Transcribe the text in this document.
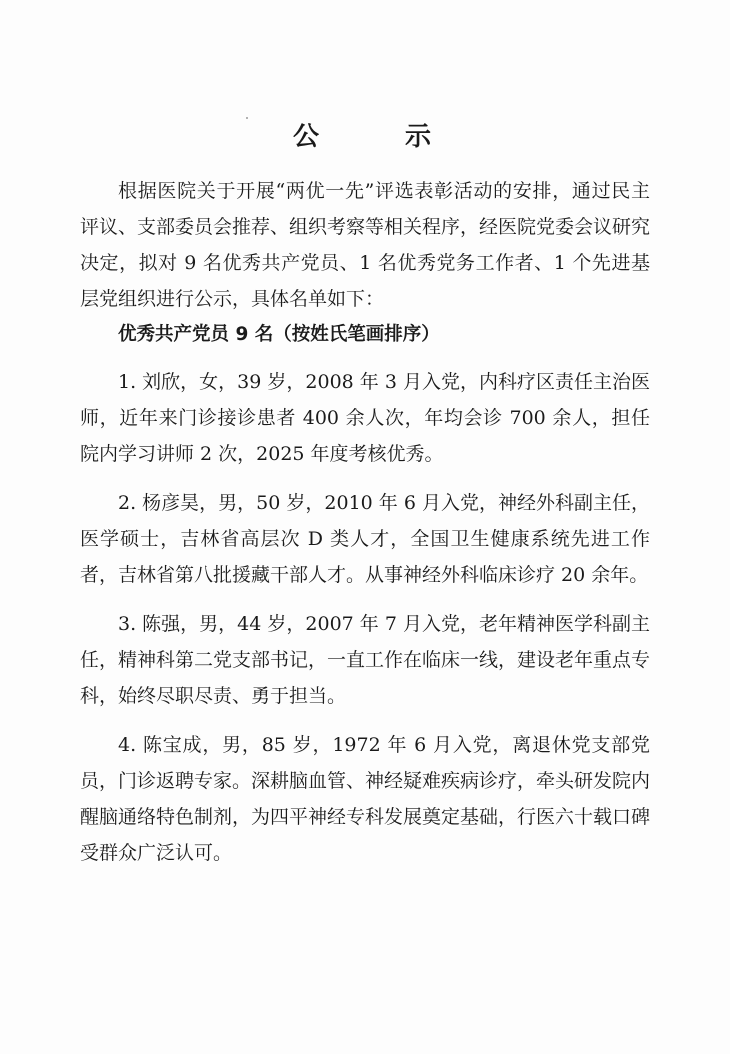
公　示

根据医院关于开展“两优一先”评选表彰活动的安排，通过民主评议、支部委员会推荐、组织考察等相关程序，经医院党委会议研究决定，拟对 9 名优秀共产党员、1 名优秀党务工作者、1 个先进基层党组织进行公示，具体名单如下：

优秀共产党员 9 名（按姓氏笔画排序）

1. 刘欣，女，39 岁，2008 年 3 月入党，内科疗区责任主治医师，近年来门诊接诊患者 400 余人次，年均会诊 700 余人，担任院内学习讲师 2 次，2025 年度考核优秀。

2. 杨彦昊，男，50 岁，2010 年 6 月入党，神经外科副主任，医学硕士，吉林省高层次 D 类人才，全国卫生健康系统先进工作者，吉林省第八批援藏干部人才。从事神经外科临床诊疗 20 余年。

3. 陈强，男，44 岁，2007 年 7 月入党，老年精神医学科副主任，精神科第二党支部书记，一直工作在临床一线，建设老年重点专科，始终尽职尽责、勇于担当。

4. 陈宝成，男，85 岁，1972 年 6 月入党，离退休党支部党员，门诊返聘专家。深耕脑血管、神经疑难疾病诊疗，牵头研发院内醒脑通络特色制剂，为四平神经专科发展奠定基础，行医六十载口碑受群众广泛认可。
